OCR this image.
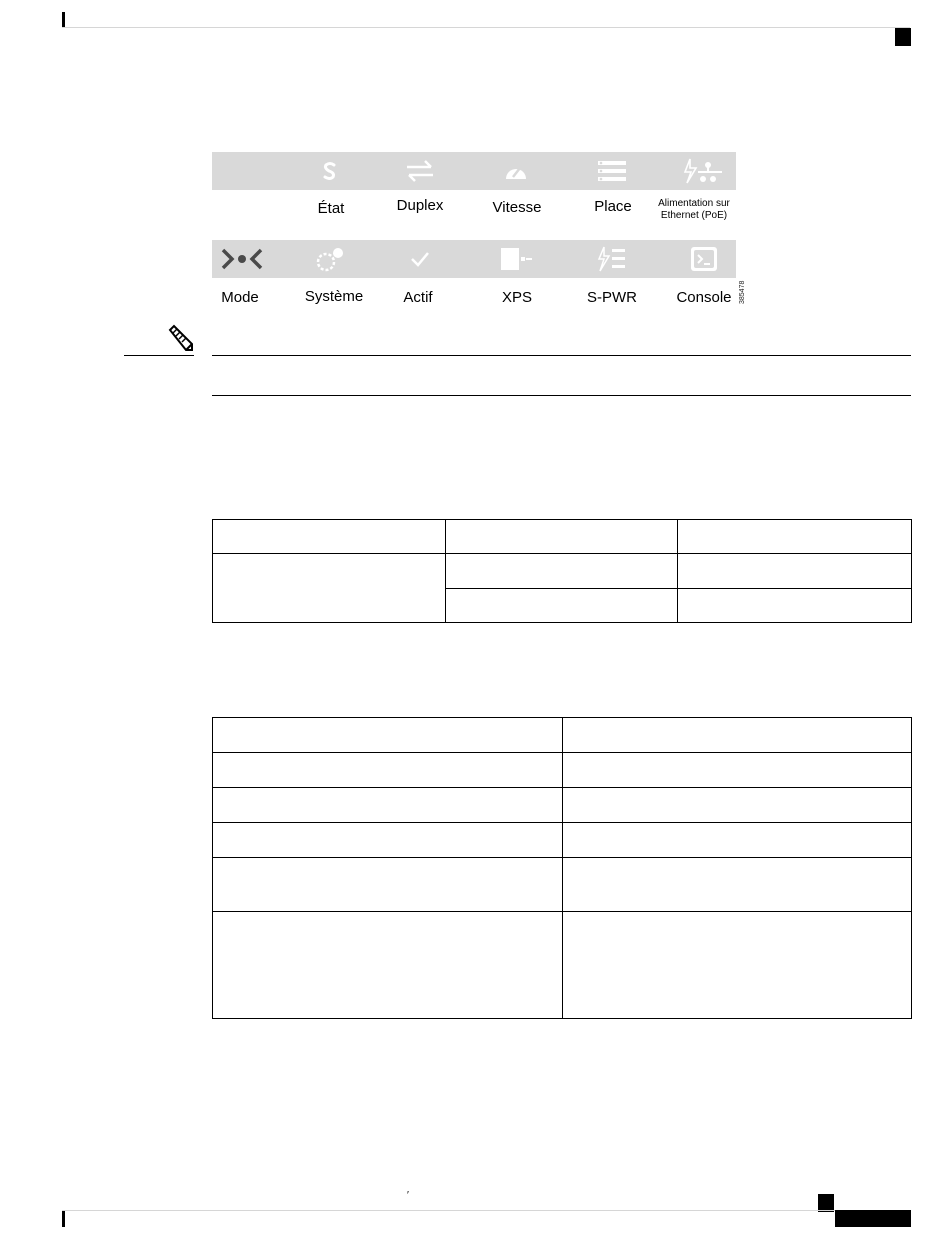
État	Duplex	Vitesse	Place	Alimentation sur
Ethernet (PoE)
Mode	Système	Actif	XPS	S-PWR	Console	385478

′
